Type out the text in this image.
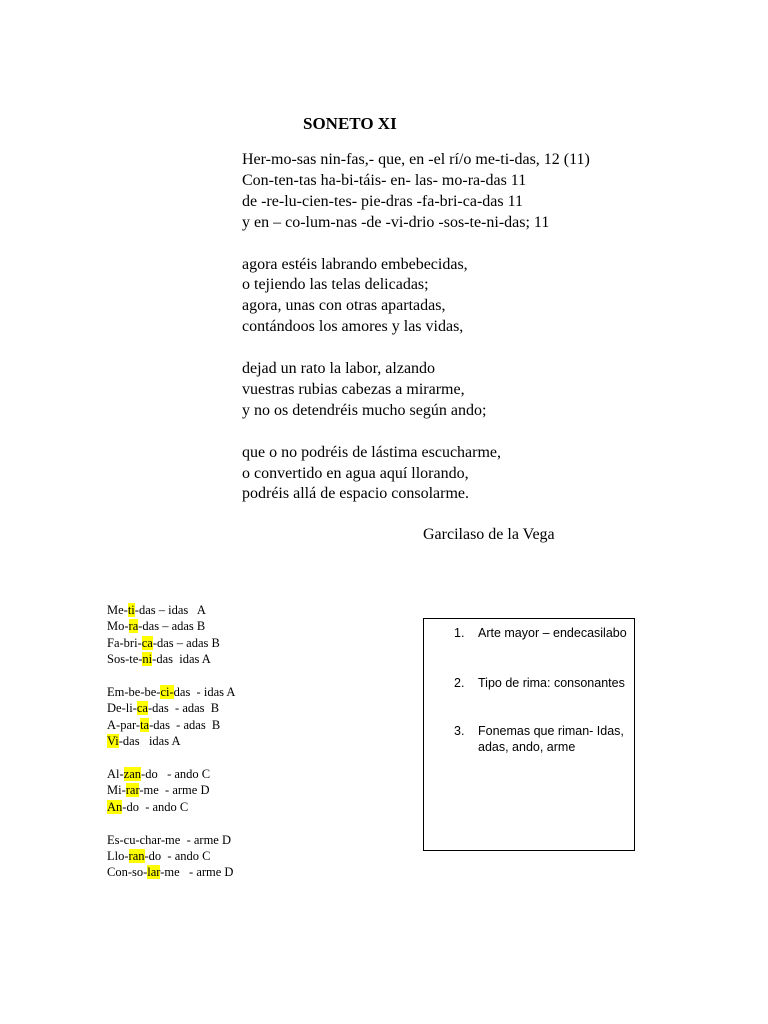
SONETO XI
Her-mo-sas nin-fas,- que, en -el rí/o me-ti-das, 12 (11)
Con-ten-tas ha-bi-táis- en- las- mo-ra-das 11
de -re-lu-cien-tes- pie-dras -fa-bri-ca-das 11
y en – co-lum-nas -de -vi-drio -sos-te-ni-das; 11
agora estéis labrando embebecidas,
o tejiendo las telas delicadas;
agora, unas con otras apartadas,
contándoos los amores y las vidas,
dejad un rato la labor, alzando
vuestras rubias cabezas a mirarme,
y no os detendréis mucho según ando;
que o no podréis de lástima escucharme,
o convertido en agua aquí llorando,
podréis allá de espacio consolarme.
Garcilaso de la Vega
Me-ti-das – idas   A
Mo-ra-das – adas B
Fa-bri-ca-das – adas B
Sos-te-ni-das  idas A
Em-be-be-ci-das  - idas A
De-li-ca-das  - adas  B
A-par-ta-das  - adas  B
Vi-das   idas A
Al-zan-do   - ando C
Mi-rar-me  - arme D
An-do  - ando C
Es-cu-char-me  - arme D
Llo-ran-do  - ando C
Con-so-lar-me   - arme D
1. Arte mayor – endecasilabo
2. Tipo de rima: consonantes
3. Fonemas que riman- Idas, adas, ando, arme
